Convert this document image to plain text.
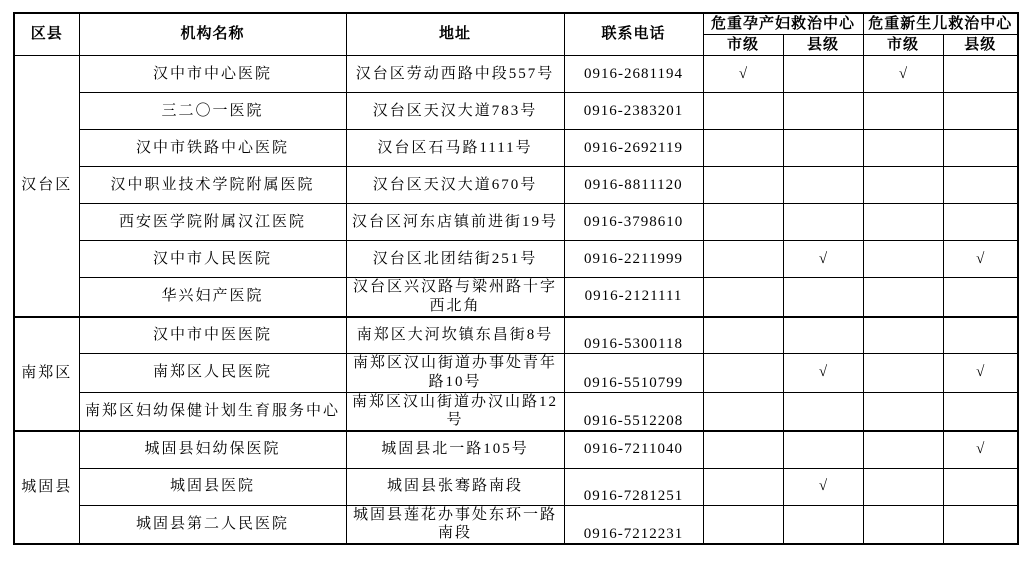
区县	机构名称	地址	联系电话	危重孕产妇救治中心		危重新生儿救治中心	
				市级	县级	市级	县级
汉台区	汉中市中心医院	汉台区劳动西路中段557号	0916-2681194	√		√	
	三二〇一医院	汉台区天汉大道783号	0916-2383201				
	汉中市铁路中心医院	汉台区石马路1111号	0916-2692119				
	汉中职业技术学院附属医院	汉台区天汉大道670号	0916-8811120				
	西安医学院附属汉江医院	汉台区河东店镇前进街19号	0916-3798610				
	汉中市人民医院	汉台区北团结街251号	0916-2211999		√		√
	华兴妇产医院	汉台区兴汉路与梁州路十字西北角	0916-2121111				
南郑区	汉中市中医医院	南郑区大河坎镇东昌街8号	0916-5300118				
	南郑区人民医院	南郑区汉山街道办事处青年路10号	0916-5510799		√		√
	南郑区妇幼保健计划生育服务中心	南郑区汉山街道办汉山路12号	0916-5512208				
城固县	城固县妇幼保医院	城固县北一路105号	0916-7211040				√
	城固县医院	城固县张骞路南段	0916-7281251		√		
	城固县第二人民医院	城固县莲花办事处东环一路南段	0916-7212231				
